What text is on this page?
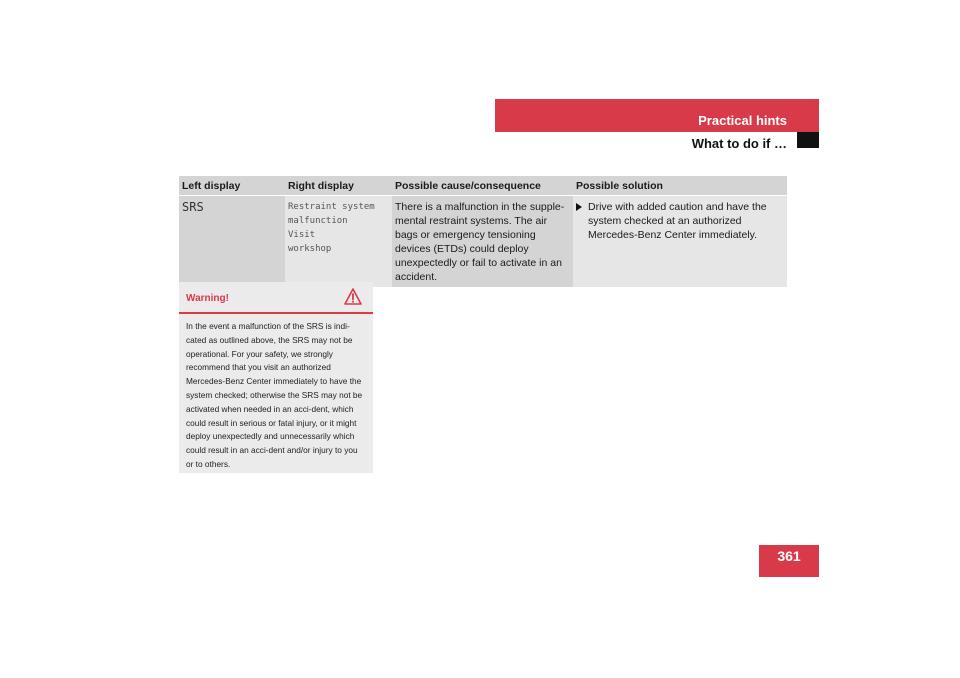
Practical hints
What to do if …
Left display	Right display	Possible cause/consequence	Possible solution
SRS	Restraint system
malfunction
Visit
workshop	There is a malfunction in the supple-mental restraint systems. The air bags or emergency tensioning devices (ETDs) could deploy unexpectedly or fail to activate in an accident.	Drive with added caution and have the system checked at an authorized Mercedes-Benz Center immediately.
Warning!
In the event a malfunction of the SRS is indi-cated as outlined above, the SRS may not be operational. For your safety, we strongly recommend that you visit an authorized Mercedes-Benz Center immediately to have the system checked; otherwise the SRS may not be activated when needed in an acci-dent, which could result in serious or fatal injury, or it might deploy unexpectedly and unnecessarily which could result in an acci-dent and/or injury to you or to others.
361
